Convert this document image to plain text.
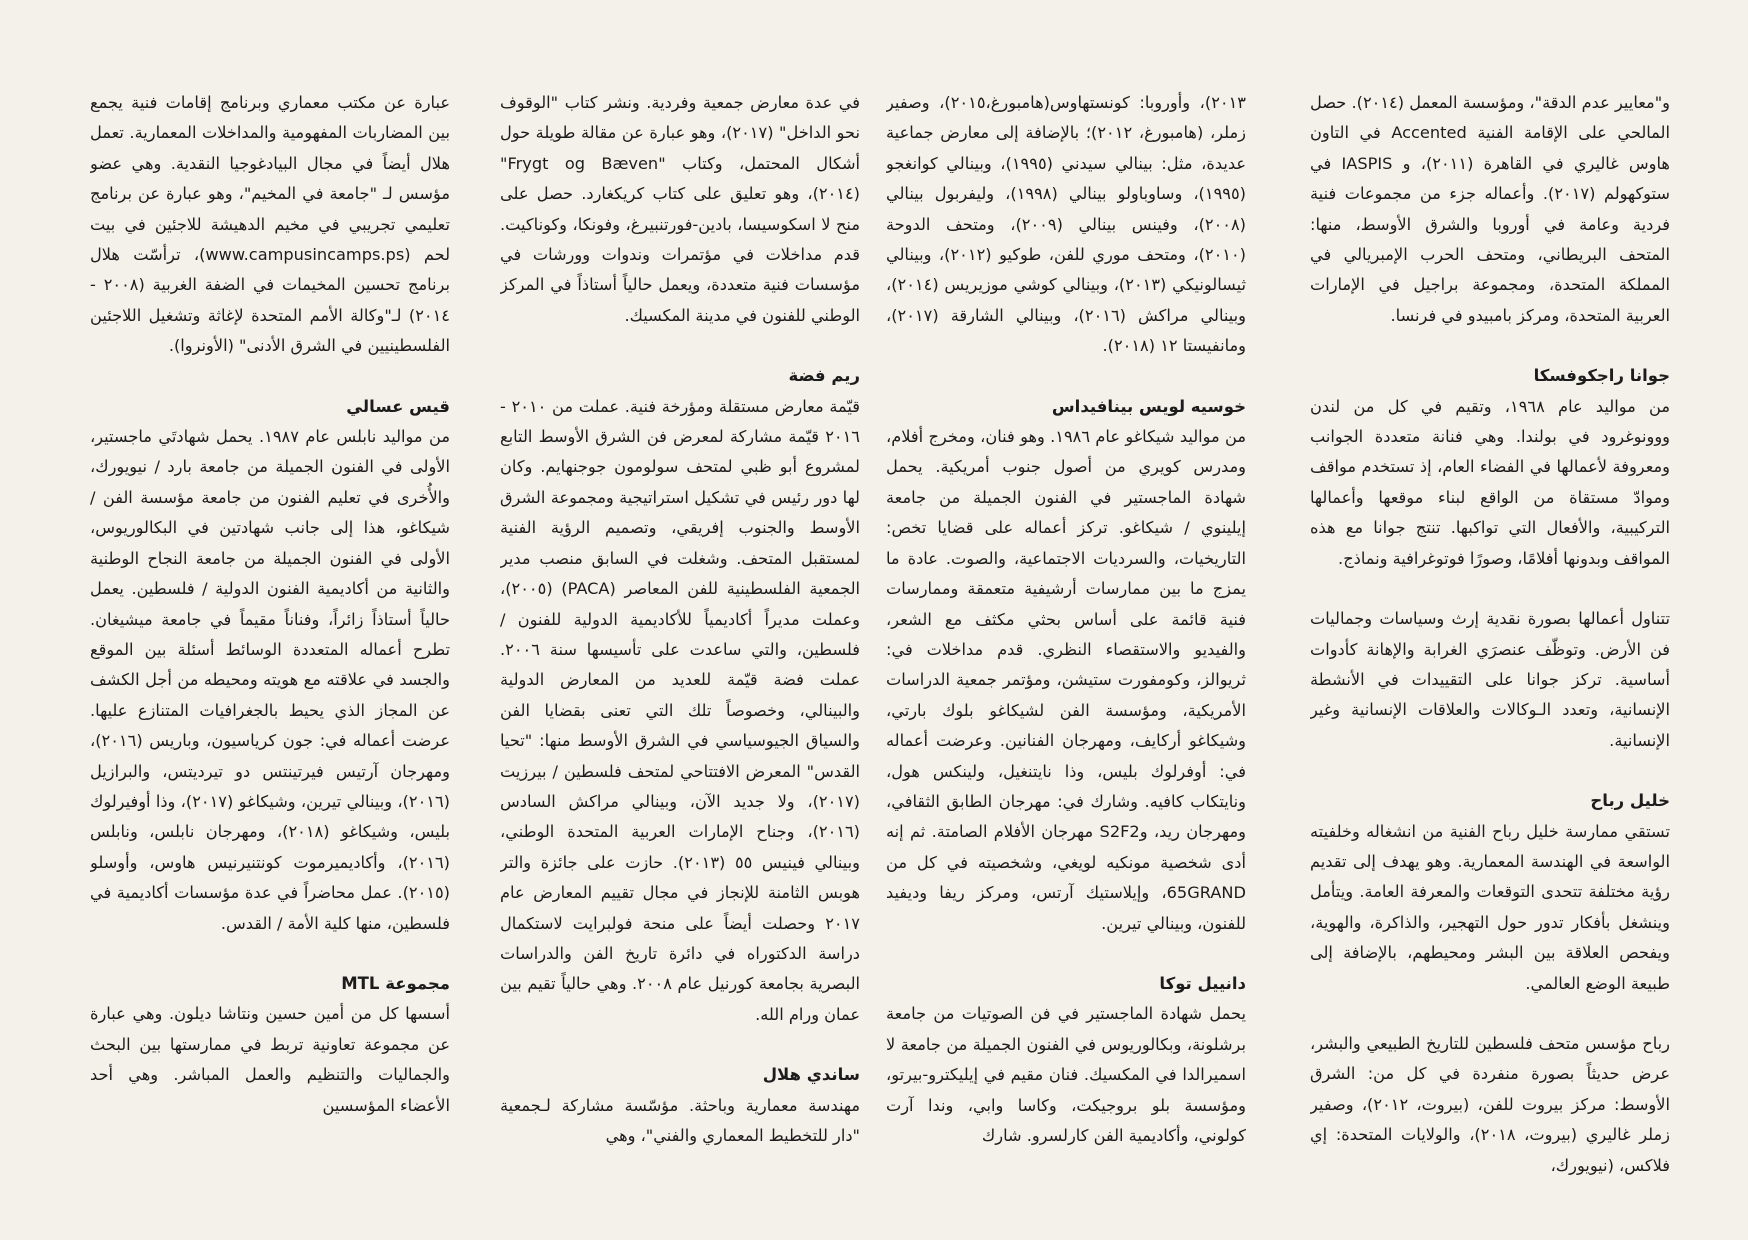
و"معايير عدم الدقة"، ومؤسسة المعمل (٢٠١٤). حصل المالحي على الإقامة الفنية Accented في التاون هاوس غاليري في القاهرة (٢٠١١)، و IASPIS في ستوكهولم (٢٠١٧). وأعماله جزء من مجموعات فنية فردية وعامة في أوروبا والشرق الأوسط، منها: المتحف البريطاني، ومتحف الحرب الإمبريالي في المملكة المتحدة، ومجموعة براجيل في الإمارات العربية المتحدة، ومركز بامبيدو في فرنسا.

جوانا راجكوفسكا

من مواليد عام ١٩٦٨، وتقيم في كل من لندن ووونوغرود في بولندا. وهي فنانة متعددة الجوانب ومعروفة لأعمالها في الفضاء العام، إذ تستخدم مواقف وموادّ مستقاة من الواقع لبناء موقعها وأعمالها التركيبية، والأفعال التي تواكبها. تنتج جوانا مع هذه المواقف وبدونها أفلامًا، وصورًا فوتوغرافية ونماذج.

تتناول أعمالها بصورة نقدية إرث وسياسات وجماليات فن الأرض. وتوظّف عنصرَي الغرابة والإهانة كأدوات أساسية. تركز جوانا على التقييدات في الأنشطة الإنسانية، وتعدد الـوكالات والعلاقات الإنسانية وغير الإنسانية.

خليل رباح

تستقي ممارسة خليل رباح الفنية من انشغاله وخلفيته الواسعة في الهندسة المعمارية. وهو يهدف إلى تقديم رؤية مختلفة تتحدى التوقعات والمعرفة العامة. ويتأمل وينشغل بأفكار تدور حول التهجير، والذاكرة، والهوية، ويفحص العلاقة بين البشر ومحيطهم، بالإضافة إلى طبيعة الوضع العالمي.

رباح مؤسس متحف فلسطين للتاريخ الطبيعي والبشر، عرض حديثاً بصورة منفردة في كل من: الشرق الأوسط: مركز بيروت للفن، (بيروت، ٢٠١٢)، وصفير زملر غاليري (بيروت، ٢٠١٨)، والولايات المتحدة: إي فلاكس، (نيويورك،

٢٠١٣)، وأوروبا: كونستهاوس(هامبورغ،٢٠١٥)، وصفير زملر، (هامبورغ، ٢٠١٢)؛ بالإضافة إلى معارض جماعية عديدة، مثل: بينالي سيدني (١٩٩٥)، وبينالي كوانغجو (١٩٩٥)، وساوباولو بينالي (١٩٩٨)، وليفربول بينالي (٢٠٠٨)، وفينس بينالي (٢٠٠٩)، ومتحف الدوحة (٢٠١٠)، ومتحف موري للفن، طوكيو (٢٠١٢)، وبينالي ثيسالونيكي (٢٠١٣)، وبينالي كوشي موزيريس (٢٠١٤)، وبينالي مراكش (٢٠١٦)، وبينالي الشارقة (٢٠١٧)، ومانفيستا ١٢ (٢٠١٨).

خوسيه لويس بينافيداس

من مواليد شيكاغو عام ١٩٨٦. وهو فنان، ومخرج أفلام، ومدرس كويري من أصول جنوب أمريكية. يحمل شهادة الماجستير في الفنون الجميلة من جامعة إيلينوي / شيكاغو. تركز أعماله على قضايا تخص: التاريخيات، والسرديات الاجتماعية، والصوت. عادة ما يمزج ما بين ممارسات أرشيفية متعمقة وممارسات فنية قائمة على أساس بحثي مكثف مع الشعر، والفيديو والاستقصاء النظري. قدم مداخلات في: ثريوالز، وكومفورت ستيشن، ومؤتمر جمعية الدراسات الأمريكية، ومؤسسة الفن لشيكاغو بلوك بارتي، وشيكاغو أركايف، ومهرجان الفنانين. وعرضت أعماله في: أوفرلوك بليس، وذا نايتنغيل، ولينكس هول، ونايتكاب كافيه. وشارك في: مهرجان الطابق الثقافي، ومهرجان ريد، وS2F2 مهرجان الأفلام الصامتة. ثم إنه أدى شخصية مونكيه لويغي، وشخصيته في كل من 65GRAND، وإيلاستيك آرتس، ومركز ريفا وديفيد للفنون، وبينالي تيرين.

دانييل توكا

يحمل شهادة الماجستير في فن الصوتيات من جامعة برشلونة، وبكالوريوس في الفنون الجميلة من جامعة لا اسميرالدا في المكسيك. فنان مقيم في إيليكترو-بيرتو، ومؤسسة بلو بروجيكت، وكاسا وابي، وندا آرت كولوني، وأكاديمية الفن كارلسرو. شارك

في عدة معارض جمعية وفردية. ونشر كتاب "الوقوف نحو الداخل" (٢٠١٧)، وهو عبارة عن مقالة طويلة حول أشكال المحتمل، وكتاب "Frygt og Bæven" (٢٠١٤)، وهو تعليق على كتاب كريكغارد. حصل على منح لا اسكوسيسا، بادين-فورتنبيرغ، وفونكا، وكوناكيت. قدم مداخلات في مؤتمرات وندوات وورشات في مؤسسات فنية متعددة، ويعمل حالياً أستاذاً في المركز الوطني للفنون في مدينة المكسيك.

ريم فضة

قيّمة معارض مستقلة ومؤرخة فنية. عملت من ٢٠١٠ - ٢٠١٦ قيّمة مشاركة لمعرض فن الشرق الأوسط التابع لمشروع أبو ظبي لمتحف سولومون جوجنهايم. وكان لها دور رئيس في تشكيل استراتيجية ومجموعة الشرق الأوسط والجنوب إفريقي، وتصميم الرؤية الفنية لمستقبل المتحف. وشغلت في السابق منصب مدير الجمعية الفلسطينية للفن المعاصر (PACA) (٢٠٠٥)، وعملت مديراً أكاديمياً للأكاديمية الدولية للفنون / فلسطين، والتي ساعدت على تأسيسها سنة ٢٠٠٦. عملت فضة قيّمة للعديد من المعارض الدولية والبينالي، وخصوصاً تلك التي تعنى بقضايا الفن والسياق الجيوسياسي في الشرق الأوسط منها: "تحيا القدس" المعرض الافتتاحي لمتحف فلسطين / بيرزيت (٢٠١٧)، ولا جديد الآن، وبينالي مراكش السادس (٢٠١٦)، وجناح الإمارات العربية المتحدة الوطني، وبينالي فينيس ٥٥ (٢٠١٣). حازت على جائزة والتر هوبس الثامنة للإنجاز في مجال تقييم المعارض عام ٢٠١٧ وحصلت أيضاً على منحة فولبرايت لاستكمال دراسة الدكتوراه في دائرة تاريخ الفن والدراسات البصرية بجامعة كورنيل عام ٢٠٠٨. وهي حالياً تقيم بين عمان ورام الله.

ساندي هلال

مهندسة معمارية وباحثة. مؤسّسة مشاركة لـجمعية "دار للتخطيط المعماري والفني"، وهي

عبارة عن مكتب معماري وبرنامج إقامات فنية يجمع بين المضاربات المفهومية والمداخلات المعمارية. تعمل هلال أيضاً في مجال البيادغوجيا النقدية. وهي عضو مؤسس لـ "جامعة في المخيم"، وهو عبارة عن برنامج تعليمي تجريبي في مخيم الدهيشة للاجئين في بيت لحم (www.campusincamps.ps)، ترأسّت هلال برنامج تحسين المخيمات في الضفة الغربية (٢٠٠٨ - ٢٠١٤) لـ"وكالة الأمم المتحدة لإغاثة وتشغيل اللاجئين الفلسطينيين في الشرق الأدنى" (الأونروا).

قيس عسالي

من مواليد نابلس عام ١٩٨٧. يحمل شهادتَي ماجستير، الأولى في الفنون الجميلة من جامعة بارد / نيويورك، والأُخرى في تعليم الفنون من جامعة مؤسسة الفن / شيكاغو، هذا إلى جانب شهادتين في البكالوريوس، الأولى في الفنون الجميلة من جامعة النجاح الوطنية والثانية من أكاديمية الفنون الدولية / فلسطين. يعمل حالياً أستاذاً زائراً، وفناناً مقيماً في جامعة ميشيغان. تطرح أعماله المتعددة الوسائط أسئلة بين الموقع والجسد في علاقته مع هويته ومحيطه من أجل الكشف عن المجاز الذي يحيط بالجغرافيات المتنازع عليها. عرضت أعماله في: جون كرياسيون، وباريس (٢٠١٦)، ومهرجان آرتيس فيرتينتس دو تيرديتس، والبرازيل (٢٠١٦)، وبينالي تيرين، وشيكاغو (٢٠١٧)، وذا أوفيرلوك بليس، وشيكاغو (٢٠١٨)، ومهرجان نابلس، ونابلس (٢٠١٦)، وأكاديميرموت كونتنيرنيس هاوس، وأوسلو (٢٠١٥). عمل محاضراً في عدة مؤسسات أكاديمية في فلسطين، منها كلية الأمة / القدس.

مجموعة MTL

أسسها كل من أمين حسين ونتاشا ديلون. وهي عبارة عن مجموعة تعاونية تربط في ممارستها بين البحث والجماليات والتنظيم والعمل المباشر. وهي أحد الأعضاء المؤسسين
